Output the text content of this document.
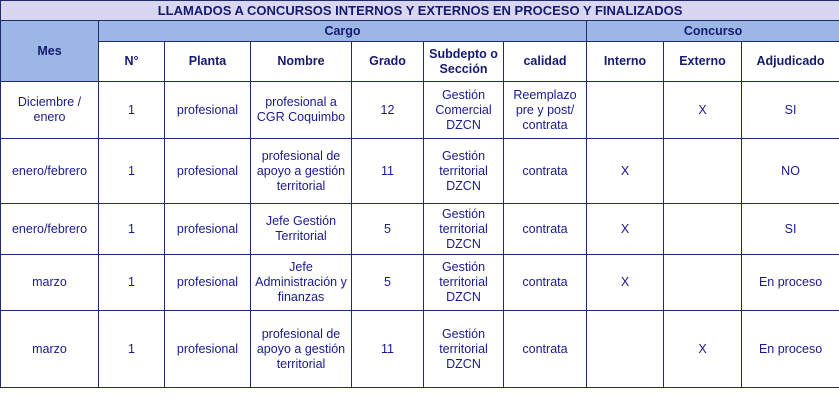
LLAMADOS A CONCURSOS INTERNOS Y EXTERNOS EN PROCESO Y FINALIZADOS									
Mes	Cargo						Concurso		
	N°	Planta	Nombre	Grado	Subdepto o Sección	calidad	Interno	Externo	Adjudicado
Diciembre / enero	1	profesional	profesional a CGR Coquimbo	12	Gestión Comercial DZCN	Reemplazo pre y post/ contrata		X	SI
enero/febrero	1	profesional	profesional de apoyo a gestión territorial	11	Gestión territorial DZCN	contrata	X		NO
enero/febrero	1	profesional	Jefe Gestión Territorial	5	Gestión territorial DZCN	contrata	X		SI
marzo	1	profesional	Jefe Administración y finanzas	5	Gestión territorial DZCN	contrata	X		En proceso
marzo	1	profesional	profesional de apoyo a gestión territorial	11	Gestión territorial DZCN	contrata		X	En proceso
